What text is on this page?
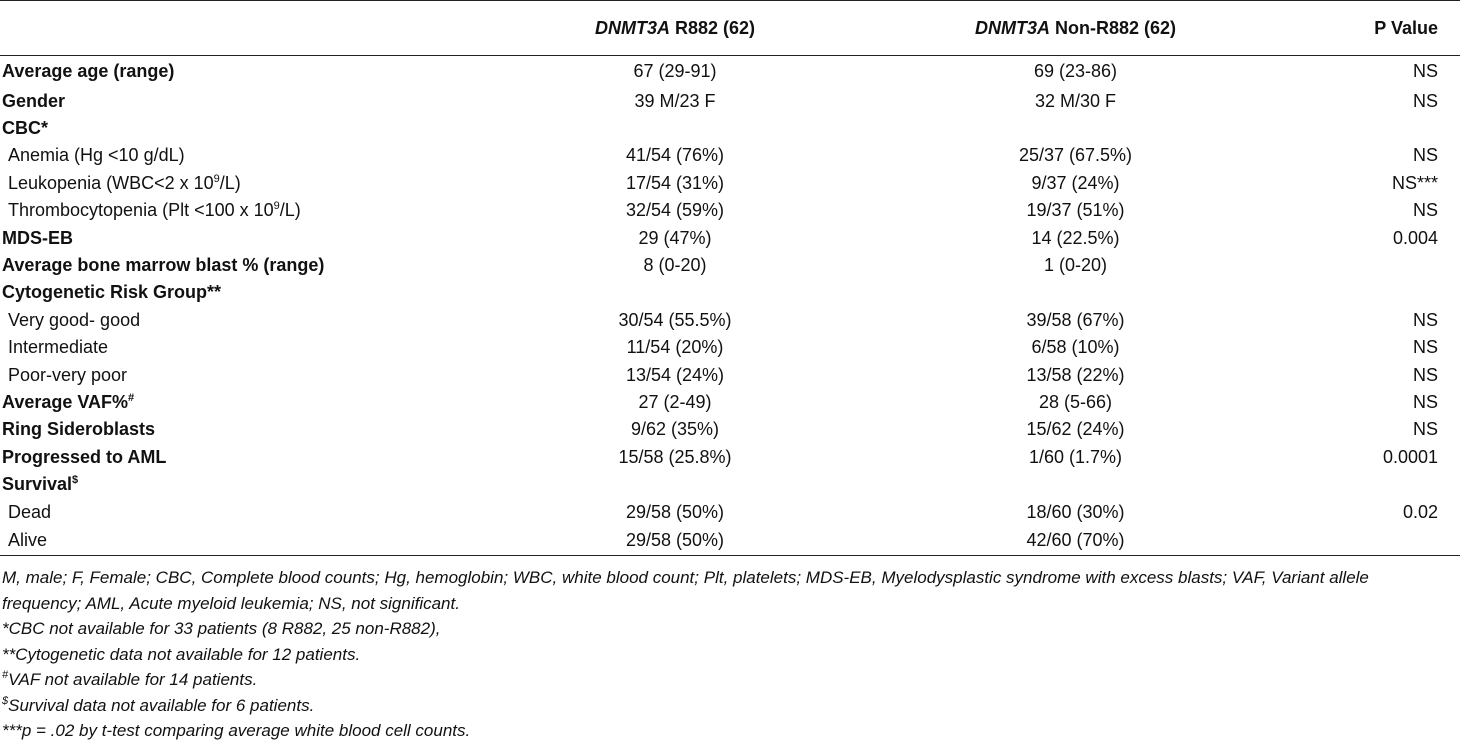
	DNMT3A R882 (62)	DNMT3A Non-R882 (62)	P Value
Average age (range)	67 (29-91)	69 (23-86)	NS
Gender	39 M/23 F	32 M/30 F	NS
CBC*			
Anemia (Hg <10 g/dL)	41/54 (76%)	25/37 (67.5%)	NS
Leukopenia (WBC<2 x $10^9/L$)	17/54 (31%)	9/37 (24%)	NS***
Thrombocytopenia (Plt <100 x $10^9/L$)	32/54 (59%)	19/37 (51%)	NS
MDS-EB	29 (47%)	14 (22.5%)	0.004
Average bone marrow blast % (range)	8 (0-20)	1 (0-20)	
Cytogenetic Risk Group**			
Very good- good	30/54 (55.5%)	39/58 (67%)	NS
Intermediate	11/54 (20%)	6/58 (10%)	NS
Poor-very poor	13/54 (24%)	13/58 (22%)	NS
Average VAF%#	27 (2-49)	28 (5-66)	NS
Ring Sideroblasts	9/62 (35%)	15/62 (24%)	NS
Progressed to AML	15/58 (25.8%)	1/60 (1.7%)	0.0001
Survival$			
Dead	29/58 (50%)	18/60 (30%)	0.02
Alive	29/58 (50%)	42/60 (70%)	

M, male; F, Female; CBC, Complete blood counts; Hg, hemoglobin; WBC, white blood count; Plt, platelets; MDS-EB, Myelodysplastic syndrome with excess blasts; VAF, Variant allele
frequency; AML, Acute myeloid leukemia; NS, not significant.

*CBC not available for 33 patients (8 R882, 25 non-R882),

**Cytogenetic data not available for 12 patients.

#VAF not available for 14 patients.

$Survival data not available for 6 patients.

***p = .02 by t-test comparing average white blood cell counts.
